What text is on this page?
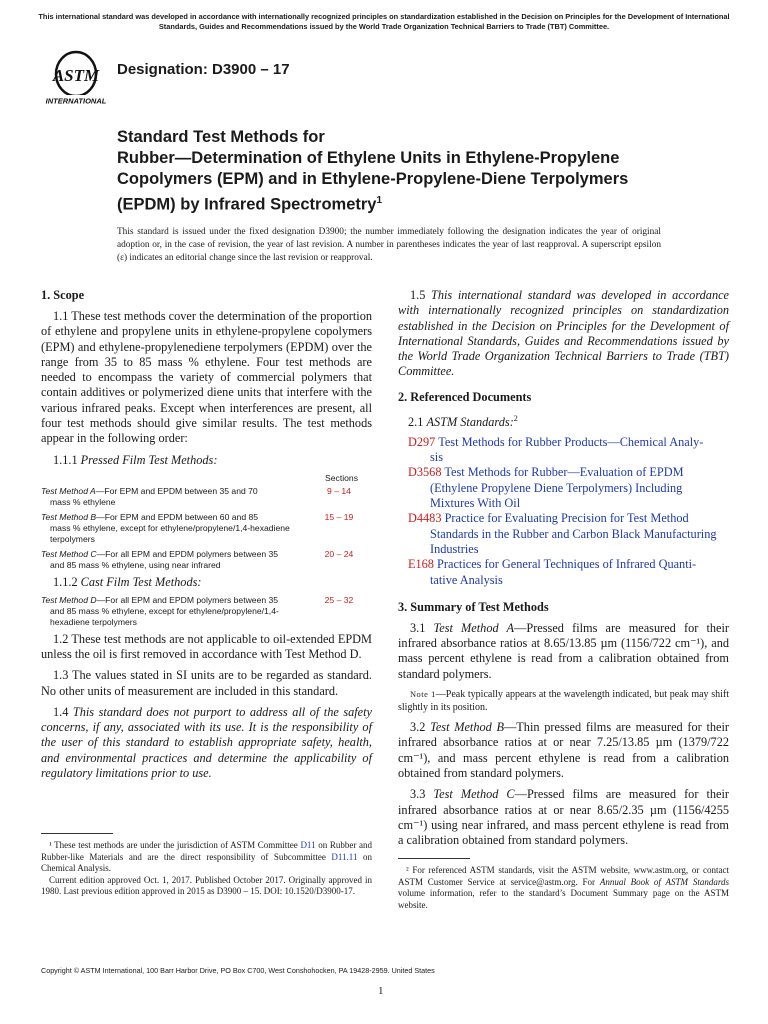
This international standard was developed in accordance with internationally recognized principles on standardization established in the Decision on Principles for the Development of International Standards, Guides and Recommendations issued by the World Trade Organization Technical Barriers to Trade (TBT) Committee.
ASTM
INTERNATIONAL
Designation: D3900 – 17
Standard Test Methods for
Rubber—Determination of Ethylene Units in Ethylene-Propylene Copolymers (EPM) and in Ethylene-Propylene-Diene Terpolymers (EPDM) by Infrared Spectrometry$^1$
This standard is issued under the fixed designation D3900; the number immediately following the designation indicates the year of original adoption or, in the case of revision, the year of last revision. A number in parentheses indicates the year of last reapproval. A superscript epsilon (ε) indicates an editorial change since the last revision or reapproval.
1. Scope

1.1 These test methods cover the determination of the proportion of ethylene and propylene units in ethylene-propylene copolymers (EPM) and ethylene-propylenediene terpolymers (EPDM) over the range from 35 to 85 mass % ethylene. Four test methods are needed to encompass the variety of commercial polymers that contain additives or polymerized diene units that interfere with the various infrared peaks. Except when interferences are present, all four test methods should give similar results. The test methods appear in the following order:

1.1.1 Pressed Film Test Methods:
Sections
Test Method A—For EPM and EPDM between 35 and 70
mass % ethylene
9 – 14
Test Method B—For EPM and EPDM between 60 and 85
mass % ethylene, except for ethylene/propylene/1,4-hexadiene terpolymers
15 – 19
Test Method C—For all EPM and EPDM polymers between 35
and 85 mass % ethylene, using near infrared
20 – 24
1.1.2 Cast Film Test Methods:
Test Method D—For all EPM and EPDM polymers between 35
and 85 mass % ethylene, except for ethylene/propylene/1,4-hexadiene terpolymers
25 – 32

1.2 These test methods are not applicable to oil-extended EPDM unless the oil is first removed in accordance with Test Method D.

1.3 The values stated in SI units are to be regarded as standard. No other units of measurement are included in this standard.

1.4 This standard does not purport to address all of the safety concerns, if any, associated with its use. It is the responsibility of the user of this standard to establish appropriate safety, health, and environmental practices and determine the applicability of regulatory limitations prior to use.

1.5 This international standard was developed in accordance with internationally recognized principles on standardization established in the Decision on Principles for the Development of International Standards, Guides and Recommendations issued by the World Trade Organization Technical Barriers to Trade (TBT) Committee.

2. Referenced Documents
2.1 ASTM Standards:$^2$
D297 Test Methods for Rubber Products—Chemical Analy-
sis
D3568 Test Methods for Rubber—Evaluation of EPDM
(Ethylene Propylene Diene Terpolymers) Including Mixtures With Oil
D4483 Practice for Evaluating Precision for Test Method
Standards in the Rubber and Carbon Black Manufacturing Industries
E168 Practices for General Techniques of Infrared Quanti-
tative Analysis
3. Summary of Test Methods

3.1 Test Method A—Pressed films are measured for their infrared absorbance ratios at 8.65/13.85 µm (1156/722 cm⁻¹), and mass percent ethylene is read from a calibration obtained from standard polymers.

Note 1—Peak typically appears at the wavelength indicated, but peak may shift slightly in its position.

3.2 Test Method B—Thin pressed films are measured for their infrared absorbance ratios at or near 7.25/13.85 µm (1379/722 cm⁻¹), and mass percent ethylene is read from a calibration obtained from standard polymers.

3.3 Test Method C—Pressed films are measured for their infrared absorbance ratios at or near 8.65/2.35 µm (1156/4255 cm⁻¹) using near infrared, and mass percent ethylene is read from a calibration obtained from standard polymers.

¹ These test methods are under the jurisdiction of ASTM Committee D11 on Rubber and Rubber-like Materials and are the direct responsibility of Subcommittee D11.11 on Chemical Analysis.

Current edition approved Oct. 1, 2017. Published October 2017. Originally approved in 1980. Last previous edition approved in 2015 as D3900 – 15. DOI: 10.1520/D3900-17.

² For referenced ASTM standards, visit the ASTM website, www.astm.org, or contact ASTM Customer Service at service@astm.org. For Annual Book of ASTM Standards volume information, refer to the standard’s Document Summary page on the ASTM website.

Copyright © ASTM International, 100 Barr Harbor Drive, PO Box C700, West Conshohocken, PA 19428-2959. United States
1
